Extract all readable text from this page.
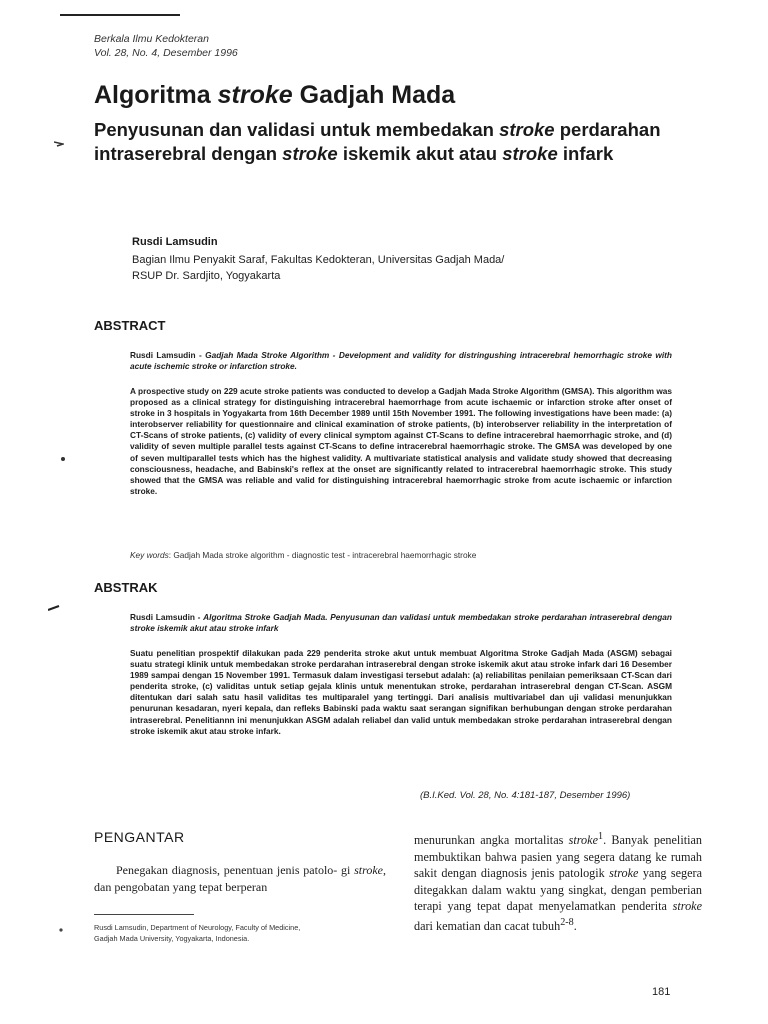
Berkala Ilmu Kedokteran
Vol. 28, No. 4, Desember 1996
Algoritma stroke Gadjah Mada
Penyusunan dan validasi untuk membedakan stroke perdarahan intraserebral dengan stroke iskemik akut atau stroke infark
Rusdi Lamsudin
Bagian Ilmu Penyakit Saraf, Fakultas Kedokteran, Universitas Gadjah Mada/
RSUP Dr. Sardjito, Yogyakarta
ABSTRACT
Rusdi Lamsudin - Gadjah Mada Stroke Algorithm - Development and validity for distringushing intracerebral hemorrhagic stroke with acute ischemic stroke or infarction stroke.
A prospective study on 229 acute stroke patients was conducted to develop a Gadjah Mada Stroke Algorithm (GMSA). This algorithm was proposed as a clinical strategy for distinguishing intracerebral haemorrhage from acute ischaemic or infarction stroke after onset of stroke in 3 hospitals in Yogyakarta from 16th December 1989 until 15th November 1991. The following investigations have been made: (a) interobserver reliability for questionnaire and clinical examination of stroke patients, (b) interobserver reliability in the interpretation of CT-Scans of stroke patients, (c) validity of every clinical symptom against CT-Scans to define intracerebral haemorrhagic stroke, and (d) validity of seven multiple parallel tests against CT-Scans to define intracerebral haemorrhagic stroke. The GMSA was developed by one of seven multiparallel tests which has the highest validity. A multivariate statistical analysis and validate study showed that decreasing consciousness, headache, and Babinski's reflex at the onset are significantly related to intracerebral haemorrhagic stroke. This study showed that the GMSA was reliable and valid for distinguishing intracerebral haemorrhagic stroke from acute ischaemic or infarction stroke.
Key words: Gadjah Mada stroke algorithm - diagnostic test - intracerebral haemorrhagic stroke
ABSTRAK
Rusdi Lamsudin - Algoritma Stroke Gadjah Mada. Penyusunan dan validasi untuk membedakan stroke perdarahan intraserebral dengan stroke iskemik akut atau stroke infark
Suatu penelitian prospektif dilakukan pada 229 penderita stroke akut untuk membuat Algoritma Stroke Gadjah Mada (ASGM) sebagai suatu strategi klinik untuk membedakan stroke perdarahan intraserebral dengan stroke iskemik akut atau stroke infark dari 16 Desember 1989 sampai dengan 15 November 1991. Termasuk dalam investigasi tersebut adalah: (a) reliabilitas penilaian pemeriksaan CT-Scan dari penderita stroke, (c) validitas untuk setiap gejala klinis untuk menentukan stroke, perdarahan intraserebral dengan CT-Scan. ASGM ditentukan dari salah satu hasil validitas tes multiparalel yang tertinggi. Dari analisis multivariabel dan uji validasi menunjukkan penurunan kesadaran, nyeri kepala, dan refleks Babinski pada waktu saat serangan signifikan berhubungan dengan stroke perdarahan intraserebral. Penelitiannn ini menunjukkan ASGM adalah reliabel dan valid untuk membedakan stroke perdarahan intraserebral dengan stroke iskemik akut atau stroke infark.
(B.I.Ked. Vol. 28, No. 4:181-187, Desember 1996)
PENGANTAR
Penegakan diagnosis, penentuan jenis patolo- gi stroke, dan pengobatan yang tepat berperan
menurunkan angka mortalitas stroke$^1$. Banyak penelitian membuktikan bahwa pasien yang segera datang ke rumah sakit dengan diagnosis jenis patologik stroke yang segera ditegakkan dalam waktu yang singkat, dengan pemberian terapi yang tepat dapat menyelamatkan penderita stroke dari kematian dan cacat tubuh$^{2-8}$.
Rusdi Lamsudin, Department of Neurology, Faculty of Medicine,
Gadjah Mada University, Yogyakarta, Indonesia.
181
